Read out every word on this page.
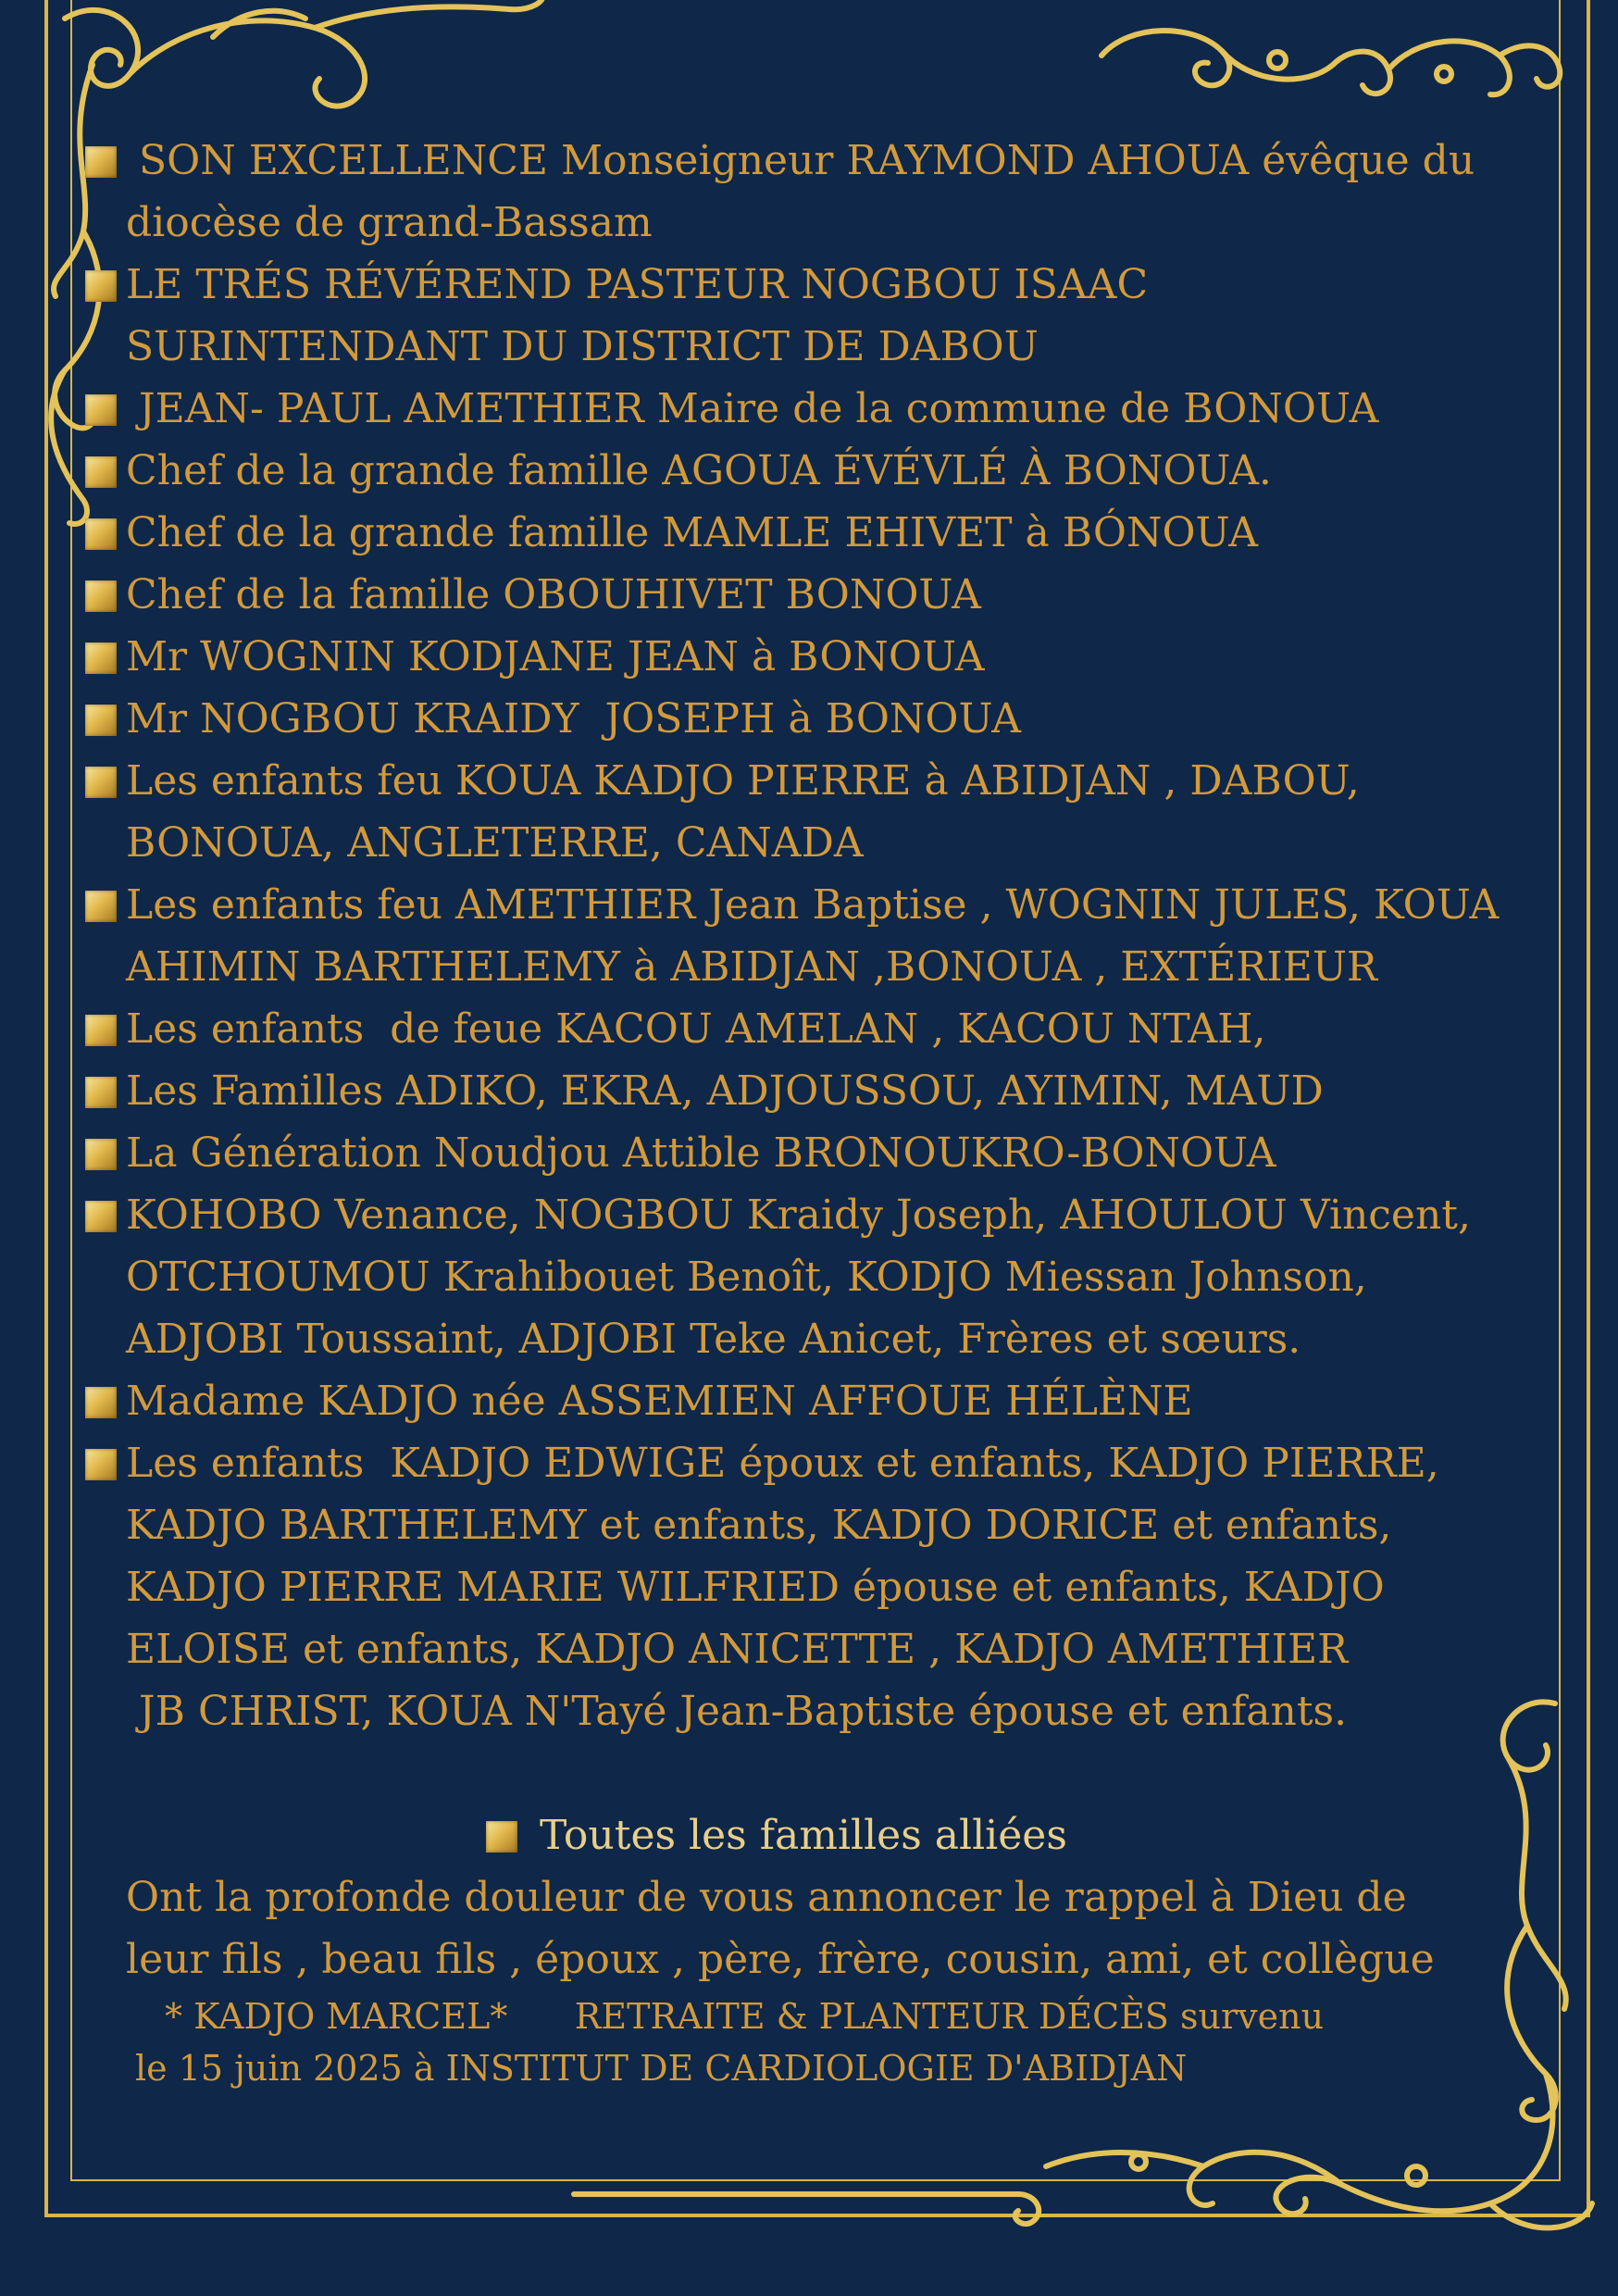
SON EXCELLENCE Monseigneur RAYMOND AHOUA évêque du
diocèse de grand-Bassam
LE TRÉS RÉVÉREND PASTEUR NOGBOU ISAAC
SURINTENDANT DU DISTRICT DE DABOU
JEAN- PAUL AMETHIER Maire de la commune de BONOUA
Chef de la grande famille AGOUA ÉVÉVLÉ À BONOUA.
Chef de la grande famille MAMLE EHIVET à BÓNOUA
Chef de la famille OBOUHIVET BONOUA
Mr WOGNIN KODJANE JEAN à BONOUA
Mr NOGBOU KRAIDY  JOSEPH à BONOUA
Les enfants feu KOUA KADJO PIERRE à ABIDJAN , DABOU,
BONOUA, ANGLETERRE, CANADA
Les enfants feu AMETHIER Jean Baptise , WOGNIN JULES, KOUA
AHIMIN BARTHELEMY à ABIDJAN ,BONOUA , EXTÉRIEUR
Les enfants  de feue KACOU AMELAN , KACOU NTAH,
Les Familles ADIKO, EKRA, ADJOUSSOU, AYIMIN, MAUD
La Génération Noudjou Attible BRONOUKRO-BONOUA
KOHOBO Venance, NOGBOU Kraidy Joseph, AHOULOU Vincent,
OTCHOUMOU Krahibouet Benoît, KODJO Miessan Johnson,
ADJOBI Toussaint, ADJOBI Teke Anicet, Frères et sœurs.
Madame KADJO née ASSEMIEN AFFOUE HÉLÈNE
Les enfants  KADJO EDWIGE époux et enfants, KADJO PIERRE,
KADJO BARTHELEMY et enfants, KADJO DORICE et enfants,
KADJO PIERRE MARIE WILFRIED épouse et enfants, KADJO
ELOISE et enfants, KADJO ANICETTE , KADJO AMETHIER
JB CHRIST, KOUA N'Tayé Jean-Baptiste épouse et enfants.
Toutes les familles alliées
Ont la profonde douleur de vous annoncer le rappel à Dieu de
leur fils , beau fils , époux , père, frère, cousin, ami, et collègue
* KADJO MARCEL*      RETRAITE & PLANTEUR DÉCÈS survenu
le 15 juin 2025 à INSTITUT DE CARDIOLOGIE D'ABIDJAN
